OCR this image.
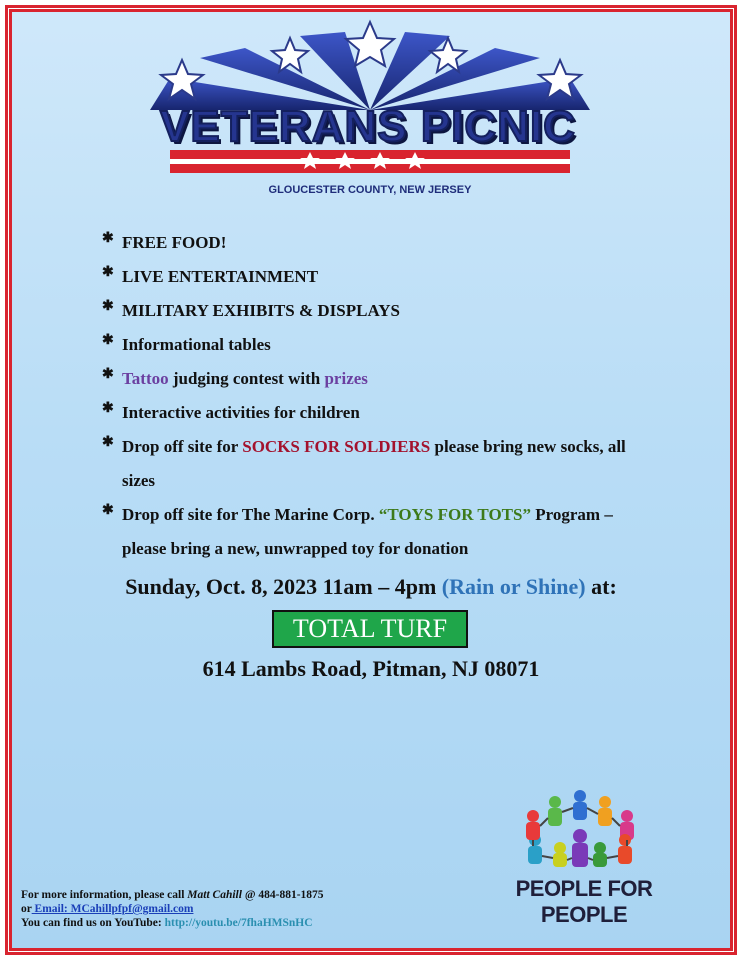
VETERANS PICNIC
GLOUCESTER COUNTY, NEW JERSEY
✱ FREE FOOD!
✱ LIVE ENTERTAINMENT
✱ MILITARY EXHIBITS & DISPLAYS
✱ Informational tables
✱ Tattoo judging contest with prizes
✱ Interactive activities for children
✱ Drop off site for SOCKS FOR SOLDIERS please bring new socks, all sizes
✱ Drop off site for The Marine Corp. “TOYS FOR TOTS” Program – please bring a new, unwrapped toy for donation
Sunday, Oct. 8, 2023 11am – 4pm (Rain or Shine) at:
TOTAL TURF
614 Lambs Road, Pitman, NJ 08071
PEOPLE FOR PEOPLE
For more information, please call Matt Cahill @ 484-881-1875
or Email: MCahillpfpf@gmail.com
You can find us on YouTube: http://youtu.be/7fhaHMSnHC
